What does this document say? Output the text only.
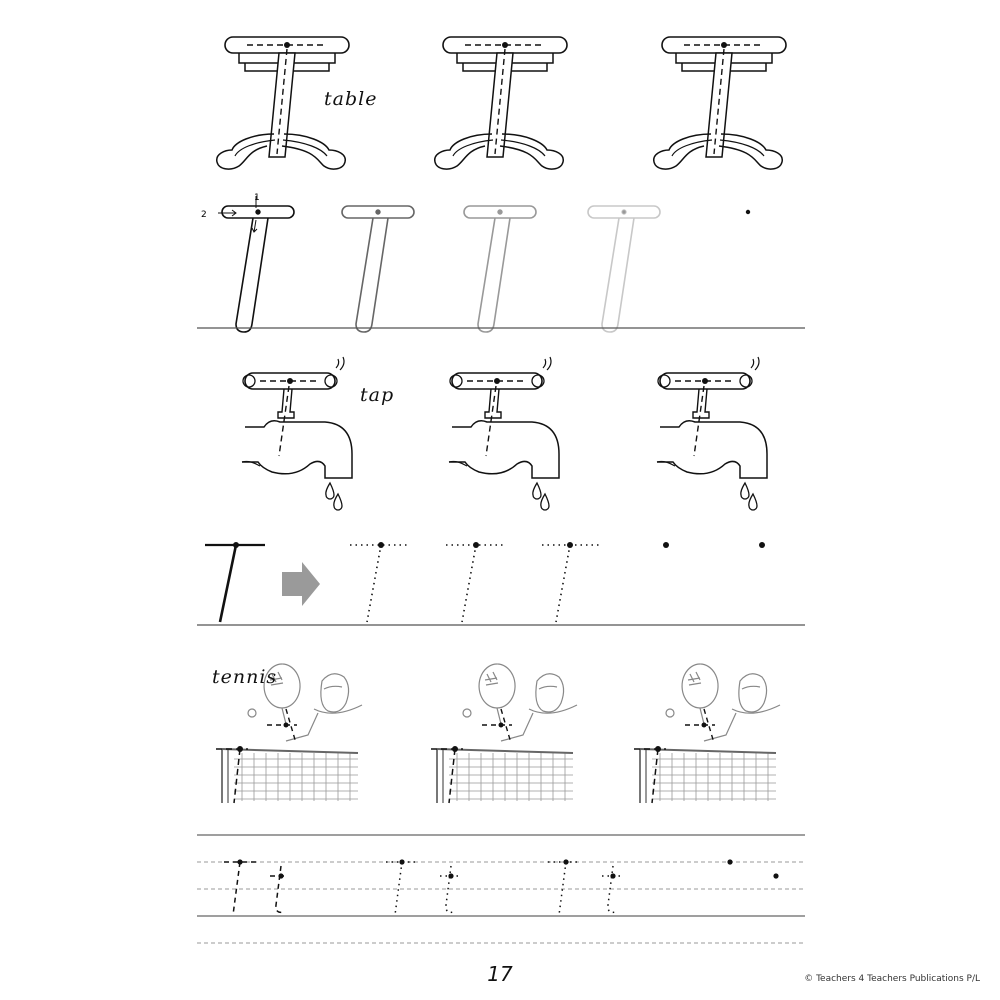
1
2
table
tap
tennis
17	© Teachers 4 Teachers Publications P/L
